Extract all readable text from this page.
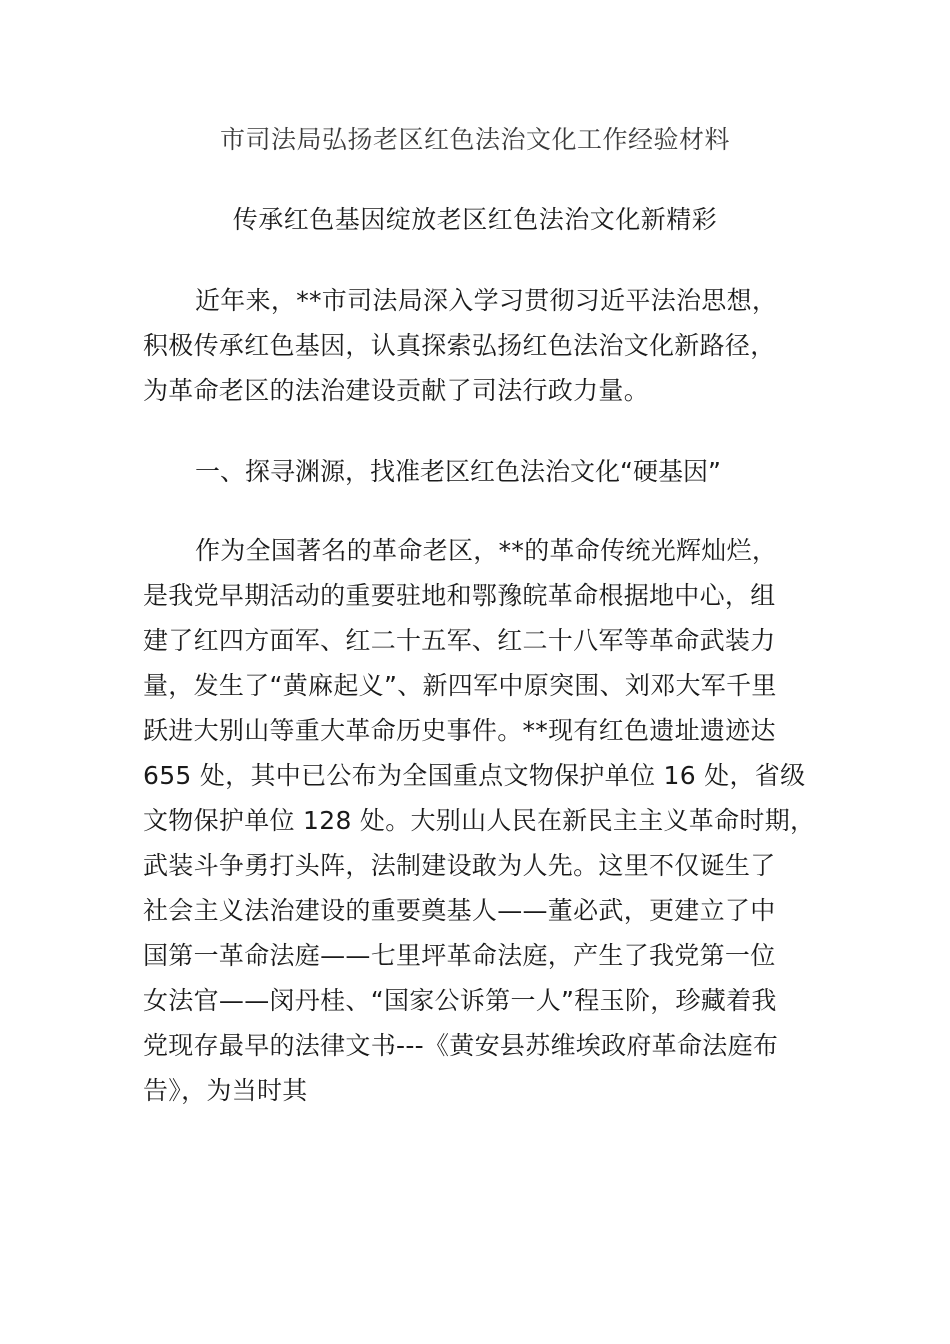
市司法局弘扬老区红色法治文化工作经验材料
传承红色基因绽放老区红色法治文化新精彩
近年来，**市司法局深入学习贯彻习近平法治思想，
积极传承红色基因，认真探索弘扬红色法治文化新路径，
为革命老区的法治建设贡献了司法行政力量。
一、探寻渊源，找准老区红色法治文化“硬基因”
作为全国著名的革命老区，**的革命传统光辉灿烂，
是我党早期活动的重要驻地和鄂豫皖革命根据地中心，组
建了红四方面军、红二十五军、红二十八军等革命武装力
量，发生了“黄麻起义”、新四军中原突围、刘邓大军千里
跃进大别山等重大革命历史事件。**现有红色遗址遗迹达
655 处，其中已公布为全国重点文物保护单位 16 处，省级
文物保护单位 128 处。大别山人民在新民主主义革命时期，
武装斗争勇打头阵，法制建设敢为人先。这里不仅诞生了
社会主义法治建设的重要奠基人——董必武，更建立了中
国第一革命法庭——七里坪革命法庭，产生了我党第一位
女法官——闵丹桂、“国家公诉第一人”程玉阶，珍藏着我
党现存最早的法律文书---《黄安县苏维埃政府革命法庭布
告》，为当时其
